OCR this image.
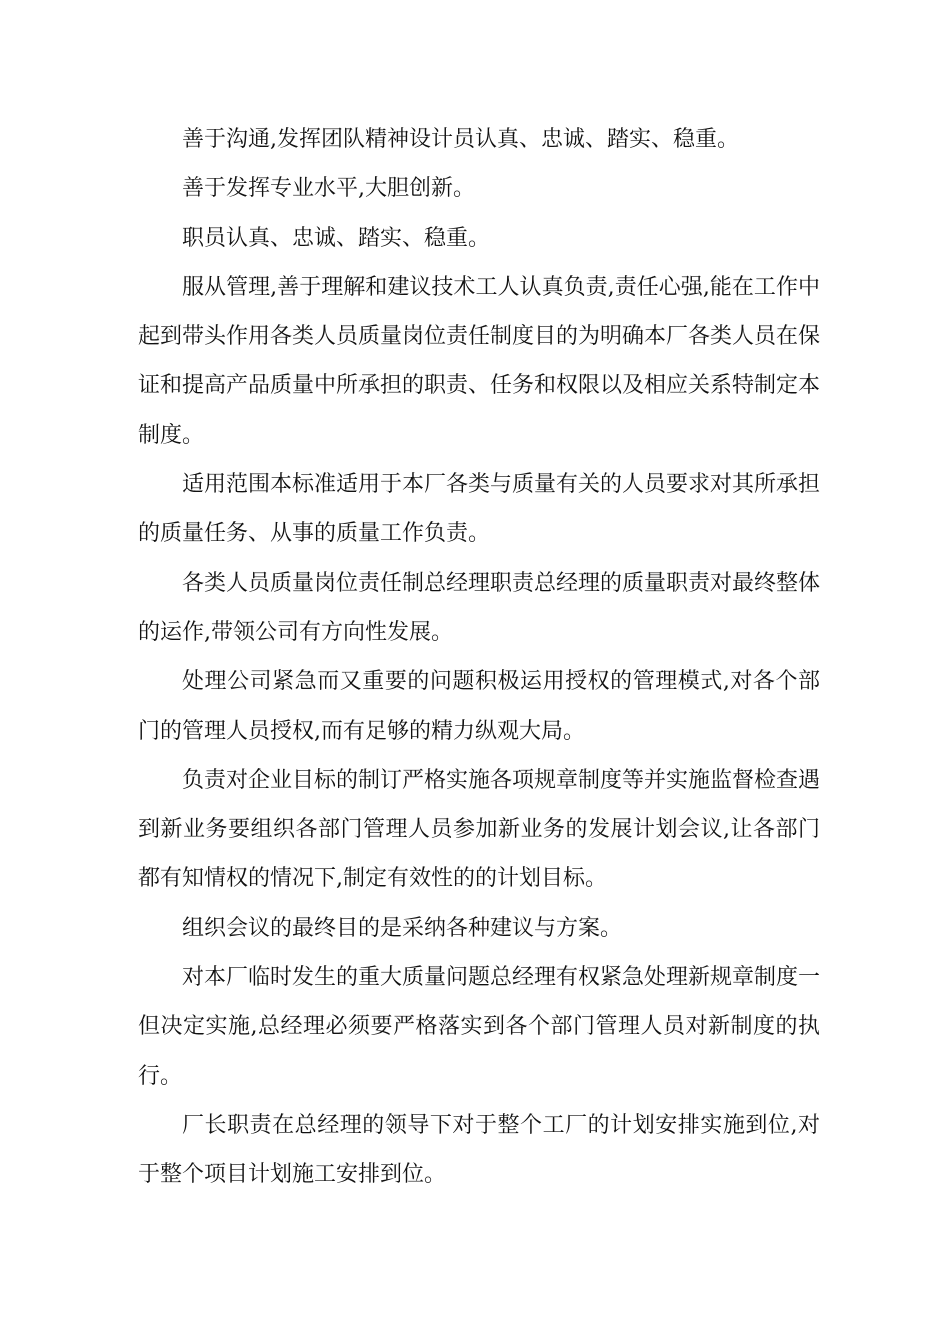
善于沟通,发挥团队精神设计员认真、忠诚、踏实、稳重。

善于发挥专业水平,大胆创新。

职员认真、忠诚、踏实、稳重。

服从管理,善于理解和建议技术工人认真负责,责任心强,能在工作中起到带头作用各类人员质量岗位责任制度目的为明确本厂各类人员在保证和提高产品质量中所承担的职责、任务和权限以及相应关系特制定本制度。

适用范围本标准适用于本厂各类与质量有关的人员要求对其所承担的质量任务、从事的质量工作负责。

各类人员质量岗位责任制总经理职责总经理的质量职责对最终整体的运作,带领公司有方向性发展。

处理公司紧急而又重要的问题积极运用授权的管理模式,对各个部门的管理人员授权,而有足够的精力纵观大局。

负责对企业目标的制订严格实施各项规章制度等并实施监督检查遇到新业务要组织各部门管理人员参加新业务的发展计划会议,让各部门都有知情权的情况下,制定有效性的的计划目标。

组织会议的最终目的是采纳各种建议与方案。

对本厂临时发生的重大质量问题总经理有权紧急处理新规章制度一但决定实施,总经理必须要严格落实到各个部门管理人员对新制度的执行。

厂长职责在总经理的领导下对于整个工厂的计划安排实施到位,对于整个项目计划施工安排到位。
